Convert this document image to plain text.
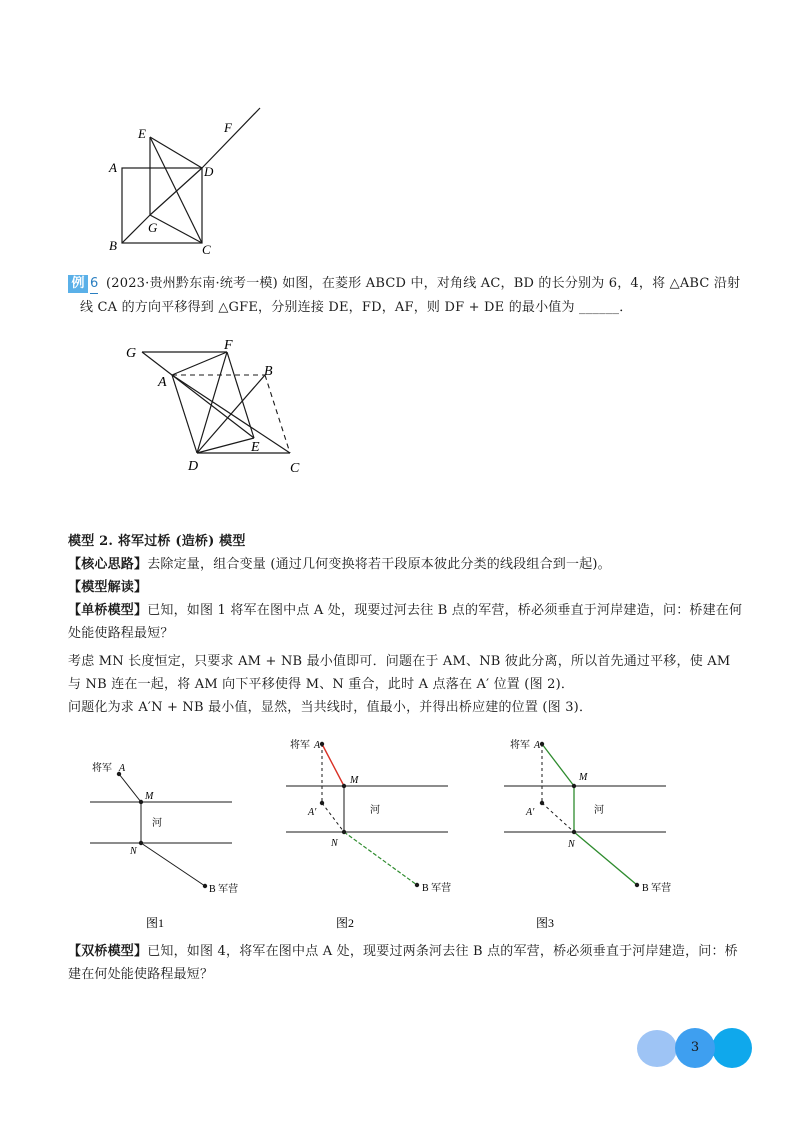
E	F
A	D
G
B	C
例 6 (2023·贵州黔东南·统考一模) 如图，在菱形 ABCD 中，对角线 AC，BD 的长分别为 6，4，将 △ABC 沿射
线 CA 的方向平移得到 △GFE，分别连接 DE，FD，AF，则 DF + DE 的最小值为 ______．
G
F
A
B
E
D	C
模型 2. 将军过桥 (造桥) 模型
【核心思路】去除定量，组合变量 (通过几何变换将若干段原本彼此分类的线段组合到一起)。
【模型解读】
【单桥模型】已知，如图 1 将军在图中点 A 处，现要过河去往 B 点的军营，桥必须垂直于河岸建造，问：桥建在何
处能使路程最短？
考虑 MN 长度恒定，只要求 AM + NB 最小值即可．问题在于 AM、NB 彼此分离，所以首先通过平移，使 AM
与 NB 连在一起，将 AM 向下平移使得 M、N 重合，此时 A 点落在 A′ 位置 (图 2)．
问题化为求 A′N + NB 最小值，显然，当共线时，值最小，并得出桥应建的位置 (图 3)．
将军 A
M
河
N
B 军营
图1
将军 A
M
A′	河
N
B 军营
图2
将军 A
M
A′	河
N
B 军营
图3
【双桥模型】已知，如图 4，将军在图中点 A 处，现要过两条河去往 B 点的军营，桥必须垂直于河岸建造，问：桥
建在何处能使路程最短？
3
